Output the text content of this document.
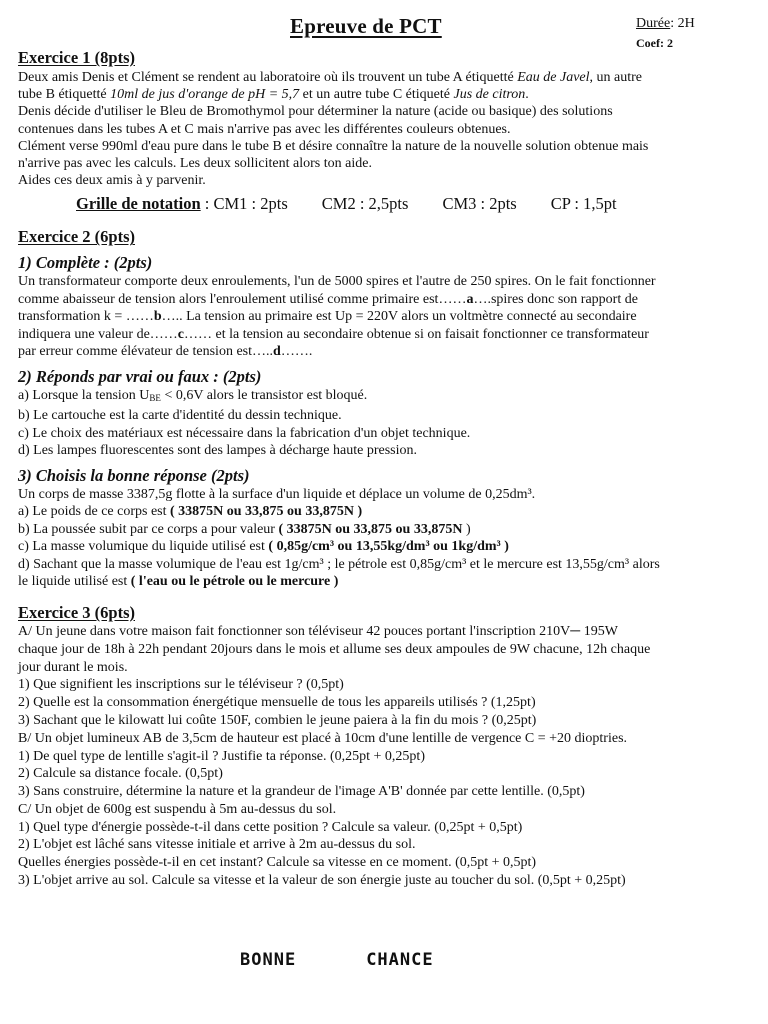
Epreuve de PCT	Durée: 2H
Coef: 2
Exercice 1 (8pts)

Deux amis Denis et Clément se rendent au laboratoire où ils trouvent un tube A étiquetté Eau de Javel, un autre

tube B étiquetté 10ml de jus d'orange de pH = 5,7 et un autre tube C étiqueté Jus de citron.

Denis décide d'utiliser le Bleu de Bromothymol pour déterminer la nature (acide ou basique) des solutions

contenues dans les tubes A et C mais n'arrive pas avec les différentes couleurs obtenues.

Clément verse 990ml d'eau pure dans le tube B et désire connaître la nature de la nouvelle solution obtenue mais

n'arrive pas avec les calculs. Les deux sollicitent alors ton aide.

Aides ces deux amis à y parvenir.

Grille de notation
: CM1 : 2pts CM2 : 2,5pts CM3 : 2pts CP : 1,5pt
Exercice 2 (6pts)
1) Complète : (2pts)

Un transformateur comporte deux enroulements, l'un de 5000 spires et l'autre de 250 spires. On le fait fonctionner

comme abaisseur de tension alors l'enroulement utilisé comme primaire est……a….spires donc son rapport de

transformation k = ……b….. La tension au primaire est Up = 220V alors un voltmètre connecté au secondaire

indiquera une valeur de……c…… et la tension au secondaire obtenue si on faisait fonctionner ce transformateur

par erreur comme élévateur de tension est…..d…….

2) Réponds par vrai ou faux : (2pts)

a) Lorsque la tension $U_{BE} < 0,6V$ alors le transistor est bloqué.

b) Le cartouche est la carte d'identité du dessin technique.

c) Le choix des matériaux est nécessaire dans la fabrication d'un objet technique.

d) Les lampes fluorescentes sont des lampes à décharge haute pression.

3) Choisis la bonne réponse (2pts)

Un corps de masse 3387,5g flotte à la surface d'un liquide et déplace un volume de 0,25dm³.

a) Le poids de ce corps est ( 33875N ou 33,875 ou 33,875N )

b) La poussée subit par ce corps a pour valeur ( 33875N ou 33,875 ou 33,875N )

c) La masse volumique du liquide utilisé est ( 0,85g/cm³ ou 13,55kg/dm³ ou 1kg/dm³ )

d) Sachant que la masse volumique de l'eau est 1g/cm³ ; le pétrole est 0,85g/cm³ et le mercure est 13,55g/cm³ alors

le liquide utilisé est ( l'eau ou le pétrole ou le mercure )

Exercice 3 (6pts)

A/ Un jeune dans votre maison fait fonctionner son téléviseur 42 pouces portant l'inscription 210V─ 195W

chaque jour de 18h à 22h pendant 20jours dans le mois et allume ses deux ampoules de 9W chacune, 12h chaque

jour durant le mois.

1) Que signifient les inscriptions sur le téléviseur ? (0,5pt)

2) Quelle est la consommation énergétique mensuelle de tous les appareils utilisés ? (1,25pt)

3) Sachant que le kilowatt lui coûte 150F, combien le jeune paiera à la fin du mois ? (0,25pt)

B/ Un objet lumineux AB de 3,5cm de hauteur est placé à 10cm d'une lentille de vergence C = +20 dioptries.

1) De quel type de lentille s'agit-il ? Justifie ta réponse. (0,25pt + 0,25pt)

2) Calcule sa distance focale. (0,5pt)

3) Sans construire, détermine la nature et la grandeur de l'image A'B' donnée par cette lentille. (0,5pt)

C/ Un objet de 600g est suspendu à 5m au-dessus du sol.

1) Quel type d'énergie possède-t-il dans cette position ? Calcule sa valeur. (0,25pt + 0,5pt)

2) L'objet est lâché sans vitesse initiale et arrive à 2m au-dessus du sol.

Quelles énergies possède-t-il en cet instant? Calcule sa vitesse en ce moment. (0,5pt + 0,5pt)

3) L'objet arrive au sol. Calcule sa vitesse et la valeur de son énergie juste au toucher du sol. (0,5pt + 0,25pt)

BONNE	CHANCE
